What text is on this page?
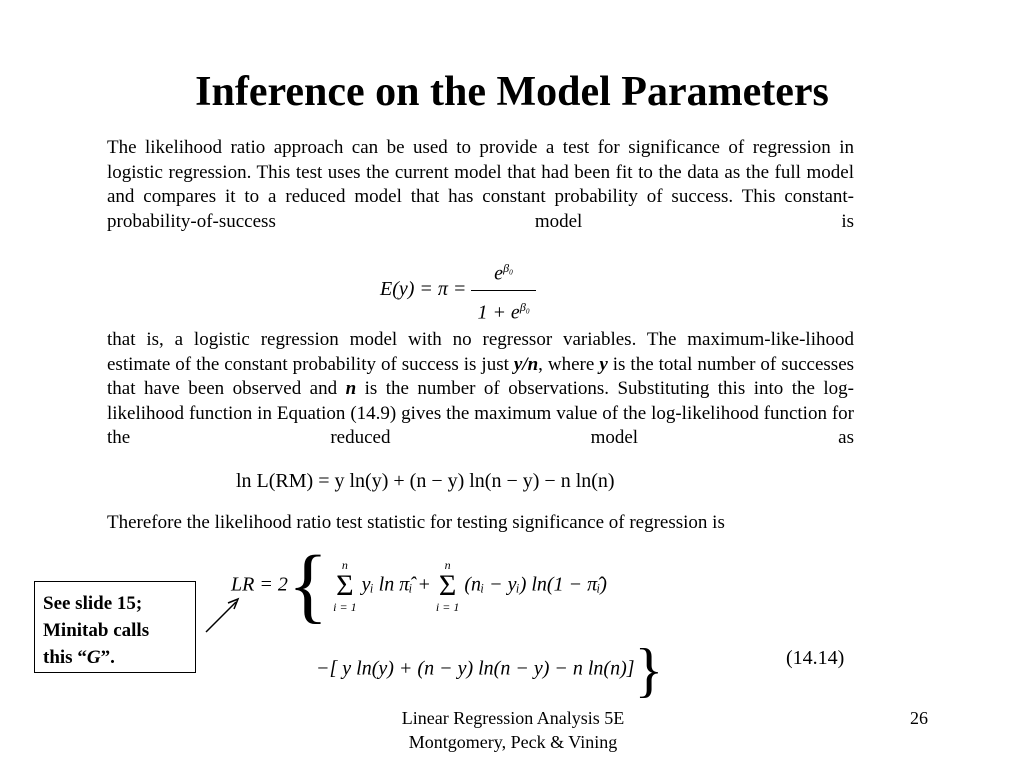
Inference on the Model Parameters
The likelihood ratio approach can be used to provide a test for significance of regression in logistic regression. This test uses the current model that had been fit to the data as the full model and compares it to a reduced model that has constant probability of success. This constant-probability-of-success model is
$E(y) = \pi = \frac{e^{\beta_0}}{1 + e^{\beta_0}}$
that is, a logistic regression model with no regressor variables. The maximum-like-lihood estimate of the constant probability of success is just y/n, where y is the total number of successes that have been observed and n is the number of observations. Substituting this into the log-likelihood function in Equation (14.9) gives the maximum value of the log-likelihood function for the reduced model as
ln L(RM) = y ln(y) + (n − y) ln(n − y) − n ln(n)
Therefore the likelihood ratio test statistic for testing significance of regression is
LR = 2{	n
Σ
i = 1
yᵢ ln π̂ᵢ +
n
Σ
i = 1
(nᵢ − yᵢ) ln(1 − π̂ᵢ)
−[ y ln(y) + (n − y) ln(n − y) − n ln(n)]}	(14.14)
See slide 15;
Minitab calls
this “G”.
Linear Regression Analysis 5E
Montgomery, Peck & Vining
26
